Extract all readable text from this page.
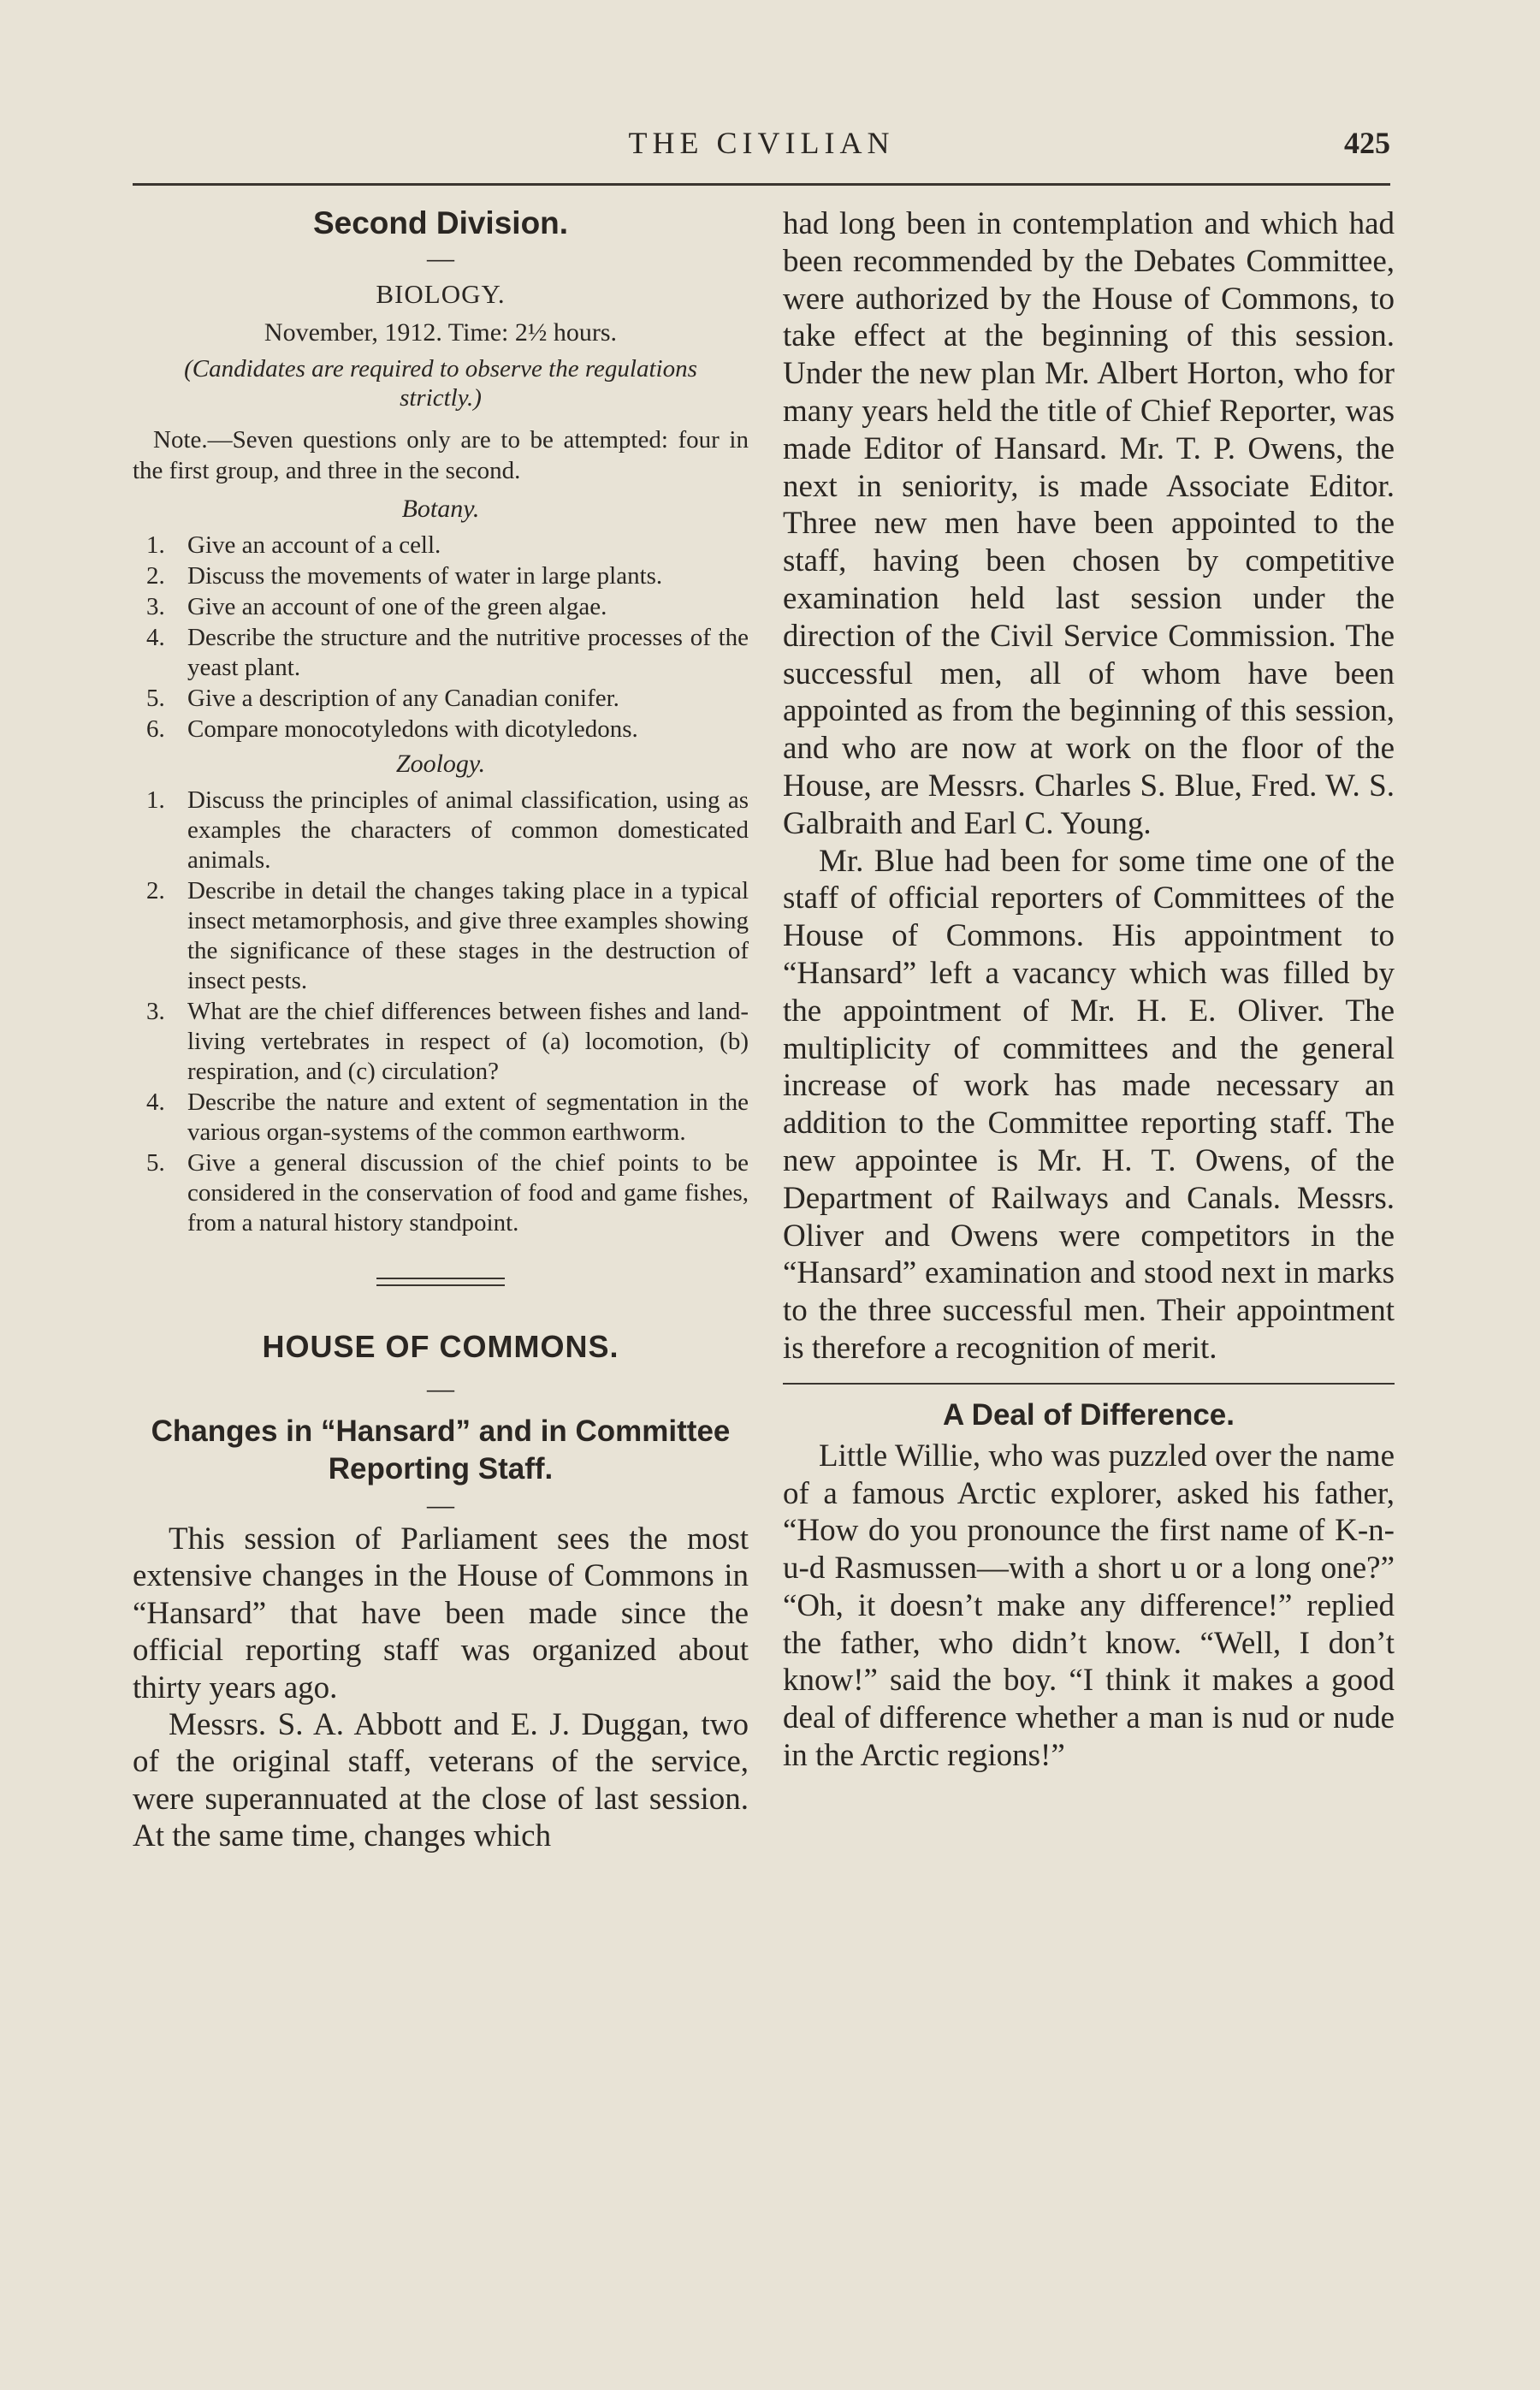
THE CIVILIAN	425
Second Division.
—
BIOLOGY.
November, 1912. Time: 2½ hours.
(Candidates are required to observe the regulations strictly.)

Note.—Seven questions only are to be attempted: four in the first group, and three in the second.

Botany.
1. Give an account of a cell.
2. Discuss the movements of water in large plants.
3. Give an account of one of the green algae.
4. Describe the structure and the nutritive processes of the yeast plant.
5. Give a description of any Canadian conifer.
6. Compare monocotyledons with dicotyledons.
Zoology.
1. Discuss the principles of animal classification, using as examples the characters of common domesticated animals.
2. Describe in detail the changes taking place in a typical insect metamorphosis, and give three examples showing the significance of these stages in the destruction of insect pests.
3. What are the chief differences between fishes and land-living vertebrates in respect of (a) locomotion, (b) respiration, and (c) circulation?
4. Describe the nature and extent of segmentation in the various organ-systems of the common earthworm.
5. Give a general discussion of the chief points to be considered in the conservation of food and game fishes, from a natural history standpoint.
HOUSE OF COMMONS.
—
Changes in “Hansard” and in Committee Reporting Staff.
—

This session of Parliament sees the most extensive changes in the House of Commons in “Hansard” that have been made since the official reporting staff was organized about thirty years ago.

Messrs. S. A. Abbott and E. J. Duggan, two of the original staff, veterans of the service, were superannuated at the close of last session. At the same time, changes which

had long been in contemplation and which had been recommended by the Debates Committee, were authorized by the House of Commons, to take effect at the beginning of this session. Under the new plan Mr. Albert Horton, who for many years held the title of Chief Reporter, was made Editor of Hansard. Mr. T. P. Owens, the next in seniority, is made Associate Editor. Three new men have been appointed to the staff, having been chosen by competitive examination held last session under the direction of the Civil Service Commission. The successful men, all of whom have been appointed as from the beginning of this session, and who are now at work on the floor of the House, are Messrs. Charles S. Blue, Fred. W. S. Galbraith and Earl C. Young.

Mr. Blue had been for some time one of the staff of official reporters of Committees of the House of Commons. His appointment to “Hansard” left a vacancy which was filled by the appointment of Mr. H. E. Oliver. The multiplicity of committees and the general increase of work has made necessary an addition to the Committee reporting staff. The new appointee is Mr. H. T. Owens, of the Department of Railways and Canals. Messrs. Oliver and Owens were competitors in the “Hansard” examination and stood next in marks to the three successful men. Their appointment is therefore a recognition of merit.

A Deal of Difference.

Little Willie, who was puzzled over the name of a famous Arctic explorer, asked his father, “How do you pronounce the first name of K-n-u-d Rasmussen—with a short u or a long one?” “Oh, it doesn’t make any difference!” replied the father, who didn’t know. “Well, I don’t know!” said the boy. “I think it makes a good deal of difference whether a man is nud or nude in the Arctic regions!”
